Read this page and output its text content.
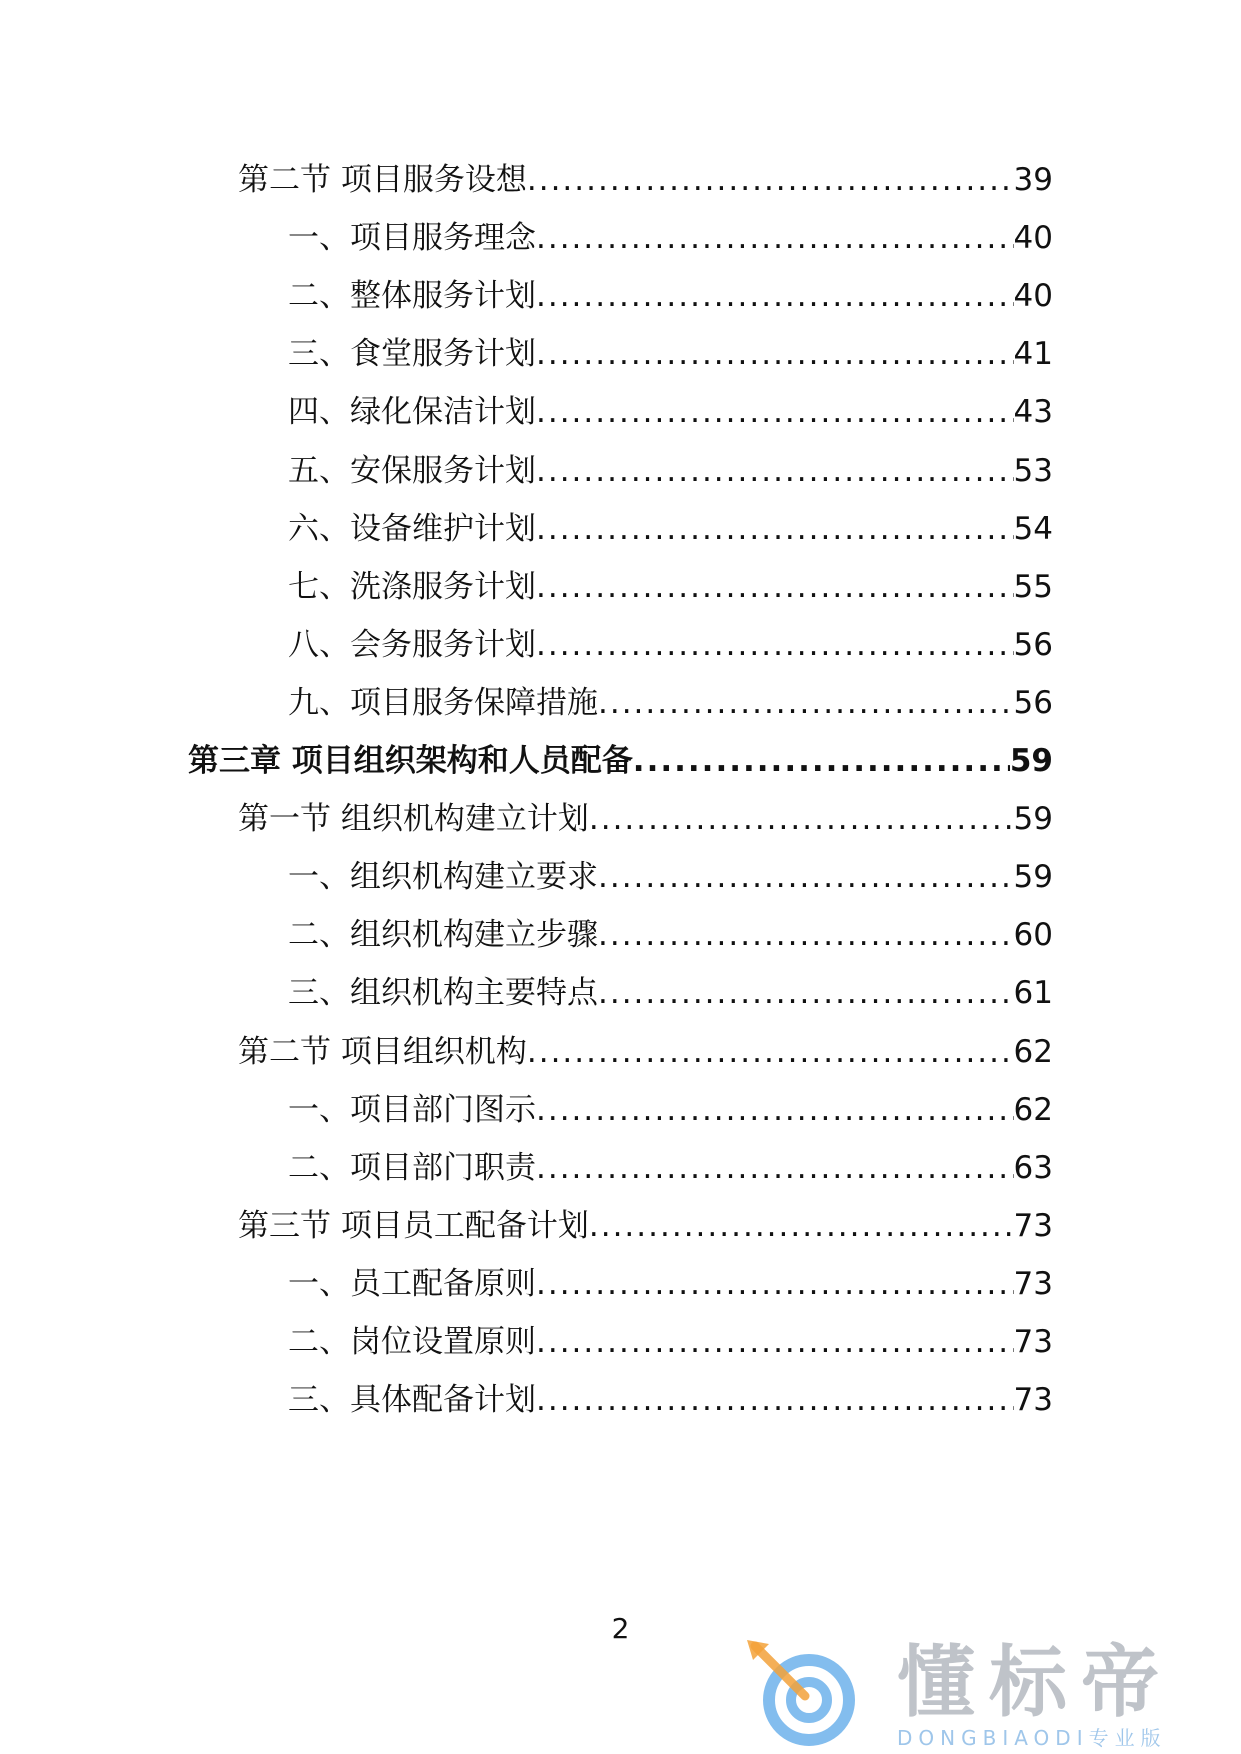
第二节 项目服务设想 .....	39
一、项目服务理念 .....	40
二、整体服务计划 .....	40
三、食堂服务计划 .....	41
四、绿化保洁计划 .....	43
五、安保服务计划 .....	53
六、设备维护计划 .....	54
七、洗涤服务计划 .....	55
八、会务服务计划 .....	56
九、项目服务保障措施 .....	56
第三章 项目组织架构和人员配备 .....	59
第一节 组织机构建立计划 .....	59
一、组织机构建立要求 .....	59
二、组织机构建立步骤 .....	60
三、组织机构主要特点 .....	61
第二节 项目组织机构 .....	62
一、项目部门图示 .....	62
二、项目部门职责 .....	63
第三节 项目员工配备计划 .....	73
一、员工配备原则 .....	73
二、岗位设置原则 .....	73
三、具体配备计划 .....	73
2
懂标帝
DONGBIAODI专业版
